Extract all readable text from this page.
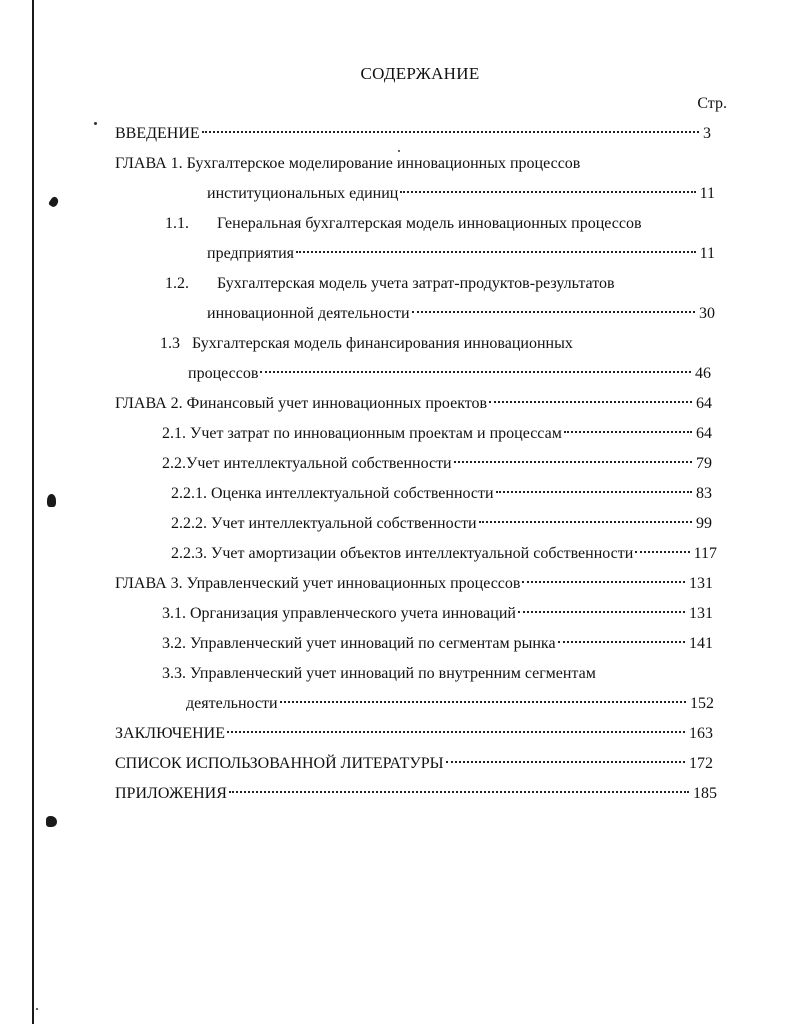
СОДЕРЖАНИЕ
Стр.
ВВЕДЕНИЕ	3
ГЛАВА 1. Бухгалтерское моделирование инновационных процессов
институциональных единиц	11
1.1. Генеральная бухгалтерская модель инновационных процессов
предприятия	11
1.2. Бухгалтерская модель учета затрат-продуктов-результатов
инновационной деятельности	30
1.3 Бухгалтерская модель финансирования инновационных
процессов	46
ГЛАВА 2. Финансовый учет инновационных проектов	64
2.1. Учет затрат по инновационным проектам и процессам	64
2.2.Учет интеллектуальной собственности	79
2.2.1. Оценка интеллектуальной собственности	83
2.2.2. Учет интеллектуальной собственности	99
2.2.3. Учет амортизации объектов интеллектуальной собственности	117
ГЛАВА 3. Управленческий учет инновационных процессов	131
3.1. Организация управленческого учета инноваций	131
3.2. Управленческий учет инноваций по сегментам рынка	141
3.3. Управленческий учет инноваций по внутренним сегментам
деятельности	152
ЗАКЛЮЧЕНИЕ	163
СПИСОК ИСПОЛЬЗОВАННОЙ ЛИТЕРАТУРЫ	172
ПРИЛОЖЕНИЯ	185
